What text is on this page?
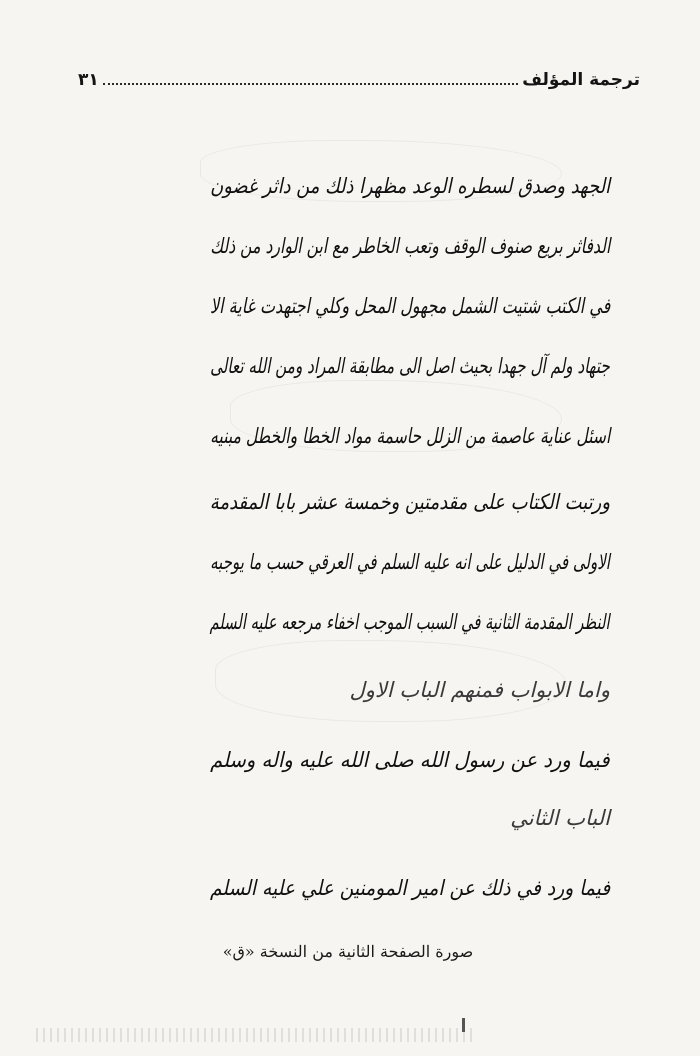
ترجمة المؤلف
٣١
الجهد وصدق لسطره الوعد مظهرا ذلك من داثر غضون
الدفاثر بريع صنوف الوقف وتعب الخاطر مع ابن الوارد من ذلك
في الكتب شتيت الشمل مجهول المحل وكلي اجتهدت غاية الا
جتهاد ولم آل جهدا بحيث اصل الى مطابقة المراد ومن الله تعالى
اسئل عناية عاصمة من الزلل حاسمة مواد الخطا والخطل مبنيه
ورتبت الكتاب على مقدمتين وخمسة عشر بابا المقدمة
الاولى في الدليل على انه عليه السلم في العرقي حسب ما يوجبه
النظر المقدمة الثانية في السبب الموجب اخفاء مرجعه عليه السلم
واما الابواب فمنهم الباب الاول
فيما ورد عن رسول الله صلى الله عليه واله وسلم
الباب الثاني
فيما ورد في ذلك عن امير المومنين علي عليه السلم
صورة الصفحة الثانية من النسخة «ق»
